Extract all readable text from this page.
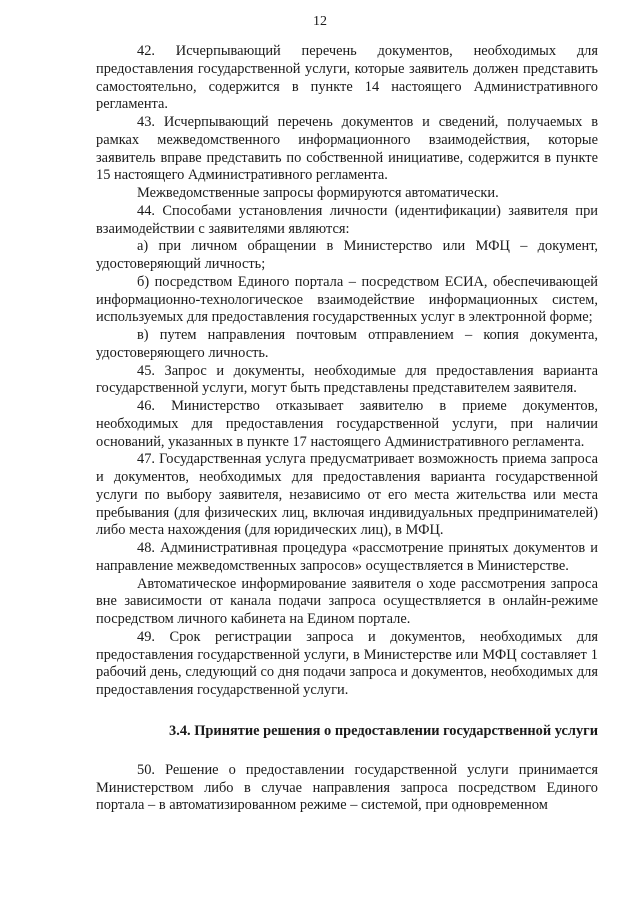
12

42. Исчерпывающий перечень документов, необходимых для предоставления государственной услуги, которые заявитель должен представить самостоятельно, содержится в пункте 14 настоящего Административного регламента.

43. Исчерпывающий перечень документов и сведений, получаемых в рамках межведомственного информационного взаимодействия, которые заявитель вправе представить по собственной инициативе, содержится в пункте 15 настоящего Административного регламента.

Межведомственные запросы формируются автоматически.

44. Способами установления личности (идентификации) заявителя при взаимодействии с заявителями являются:

а) при личном обращении в Министерство или МФЦ – документ, удостоверяющий личность;

б) посредством Единого портала – посредством ЕСИА, обеспечивающей информационно-технологическое взаимодействие информационных систем, используемых для предоставления государственных услуг в электронной форме;

в) путем направления почтовым отправлением – копия документа, удостоверяющего личность.

45. Запрос и документы, необходимые для предоставления варианта государственной услуги, могут быть представлены представителем заявителя.

46. Министерство отказывает заявителю в приеме документов, необходимых для предоставления государственной услуги, при наличии оснований, указанных в пункте 17 настоящего Административного регламента.

47. Государственная услуга предусматривает возможность приема запроса и документов, необходимых для предоставления варианта государственной услуги по выбору заявителя, независимо от его места жительства или места пребывания (для физических лиц, включая индивидуальных предпринимателей) либо места нахождения (для юридических лиц), в МФЦ.

48. Административная процедура «рассмотрение принятых документов и направление межведомственных запросов» осуществляется в Министерстве.

Автоматическое информирование заявителя о ходе рассмотрения запроса вне зависимости от канала подачи запроса осуществляется в онлайн-режиме посредством личного кабинета на Едином портале.

49. Срок регистрации запроса и документов, необходимых для предоставления государственной услуги, в Министерстве или МФЦ составляет 1 рабочий день, следующий со дня подачи запроса и документов, необходимых для предоставления государственной услуги.

3.4. Принятие решения о предоставлении государственной услуги

50. Решение о предоставлении государственной услуги принимается Министерством либо в случае направления запроса посредством Единого портала – в автоматизированном режиме – системой, при одновременном
